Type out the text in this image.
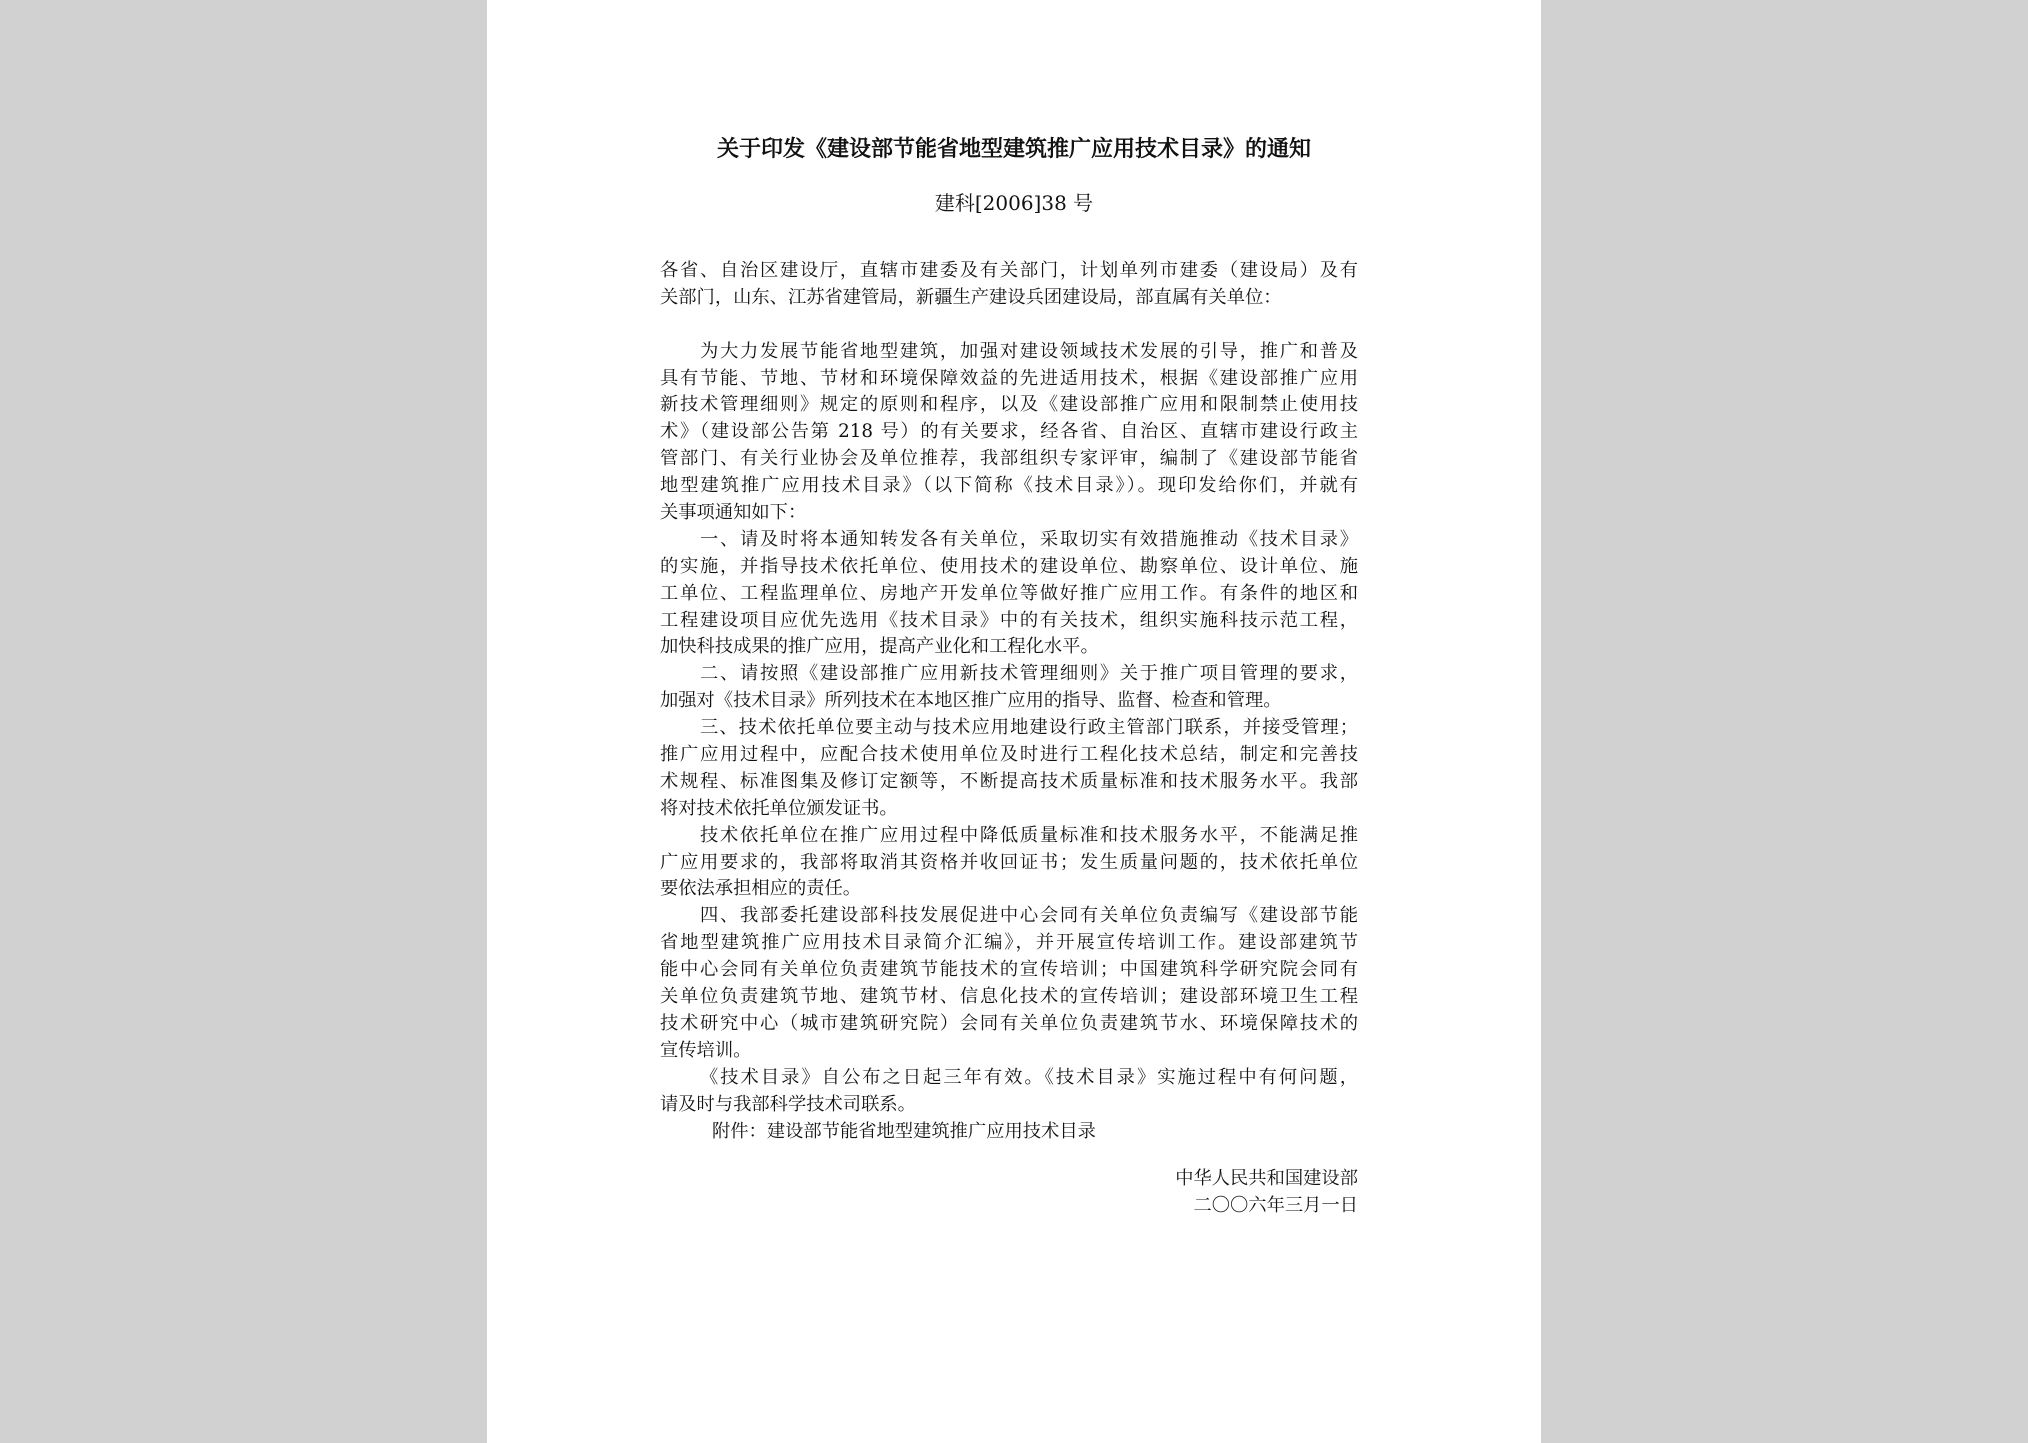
关于印发《建设部节能省地型建筑推广应用技术目录》的通知
建科[2006]38 号
各省、自治区建设厅，直辖市建委及有关部门，计划单列市建委（建设局）及有
关部门，山东、江苏省建管局，新疆生产建设兵团建设局，部直属有关单位：
为大力发展节能省地型建筑，加强对建设领域技术发展的引导，推广和普及
具有节能、节地、节材和环境保障效益的先进适用技术，根据《建设部推广应用
新技术管理细则》规定的原则和程序，以及《建设部推广应用和限制禁止使用技
术》（建设部公告第 218 号）的有关要求，经各省、自治区、直辖市建设行政主
管部门、有关行业协会及单位推荐，我部组织专家评审，编制了《建设部节能省
地型建筑推广应用技术目录》（以下简称《技术目录》）。现印发给你们，并就有
关事项通知如下：
一、请及时将本通知转发各有关单位，采取切实有效措施推动《技术目录》
的实施，并指导技术依托单位、使用技术的建设单位、勘察单位、设计单位、施
工单位、工程监理单位、房地产开发单位等做好推广应用工作。有条件的地区和
工程建设项目应优先选用《技术目录》中的有关技术，组织实施科技示范工程，
加快科技成果的推广应用，提高产业化和工程化水平。
二、请按照《建设部推广应用新技术管理细则》关于推广项目管理的要求，
加强对《技术目录》所列技术在本地区推广应用的指导、监督、检查和管理。
三、技术依托单位要主动与技术应用地建设行政主管部门联系，并接受管理；
推广应用过程中，应配合技术使用单位及时进行工程化技术总结，制定和完善技
术规程、标准图集及修订定额等，不断提高技术质量标准和技术服务水平。我部
将对技术依托单位颁发证书。
技术依托单位在推广应用过程中降低质量标准和技术服务水平，不能满足推
广应用要求的，我部将取消其资格并收回证书；发生质量问题的，技术依托单位
要依法承担相应的责任。
四、我部委托建设部科技发展促进中心会同有关单位负责编写《建设部节能
省地型建筑推广应用技术目录简介汇编》，并开展宣传培训工作。建设部建筑节
能中心会同有关单位负责建筑节能技术的宣传培训；中国建筑科学研究院会同有
关单位负责建筑节地、建筑节材、信息化技术的宣传培训；建设部环境卫生工程
技术研究中心（城市建筑研究院）会同有关单位负责建筑节水、环境保障技术的
宣传培训。
《技术目录》自公布之日起三年有效。《技术目录》实施过程中有何问题，
请及时与我部科学技术司联系。
附件：建设部节能省地型建筑推广应用技术目录
中华人民共和国建设部
二〇〇六年三月一日
